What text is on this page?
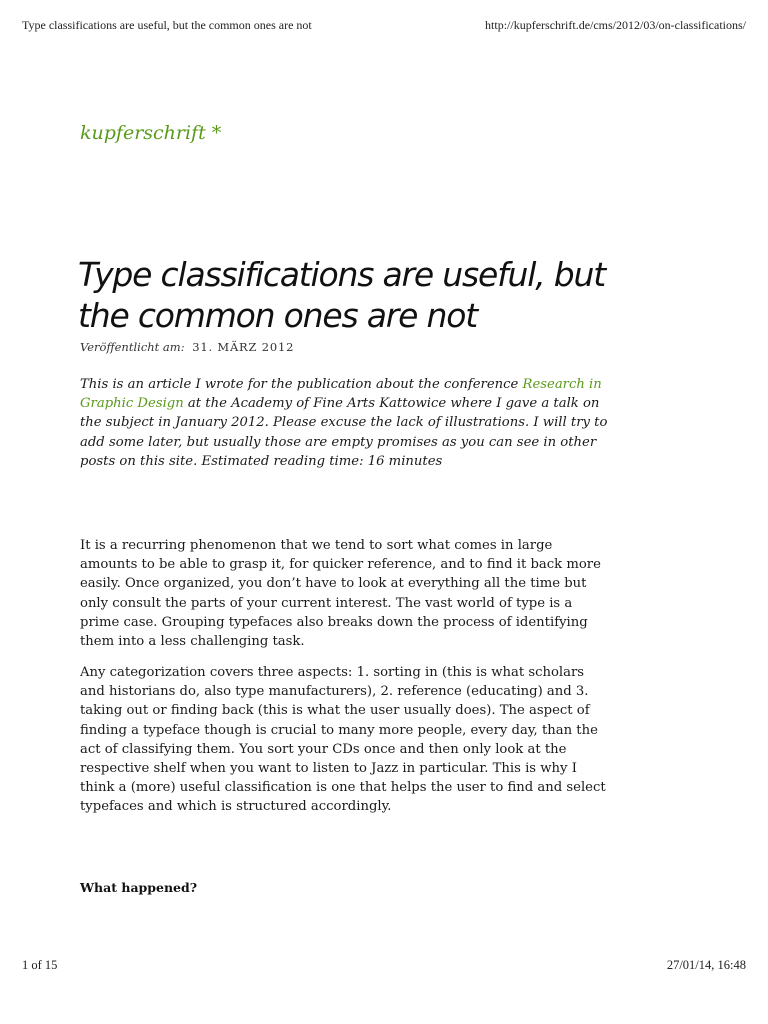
Type classifications are useful, but the common ones are not	http://kupferschrift.de/cms/2012/03/on-classifications/
kupferschrift *
Type classifications are useful, but the common ones are not
Veröffentlicht am: 31. MÄRZ 2012

This is an article I wrote for the publication about the conference Research in Graphic Design at the Academy of Fine Arts Kattowice where I gave a talk on the subject in January 2012. Please excuse the lack of illustrations. I will try to add some later, but usually those are empty promises as you can see in other posts on this site. Estimated reading time: 16 minutes

It is a recurring phenomenon that we tend to sort what comes in large amounts to be able to grasp it, for quicker reference, and to find it back more easily. Once organized, you don’t have to look at everything all the time but only consult the parts of your current interest. The vast world of type is a prime case. Grouping typefaces also breaks down the process of identifying them into a less challenging task.

Any categorization covers three aspects: 1. sorting in (this is what scholars and historians do, also type manufacturers), 2. reference (educating) and 3. taking out or finding back (this is what the user usually does). The aspect of finding a typeface though is crucial to many more people, every day, than the act of classifying them. You sort your CDs once and then only look at the respective shelf when you want to listen to Jazz in particular. This is why I think a (more) useful classification is one that helps the user to find and select typefaces and which is structured accordingly.

What happened?
1 of 15	27/01/14, 16:48
